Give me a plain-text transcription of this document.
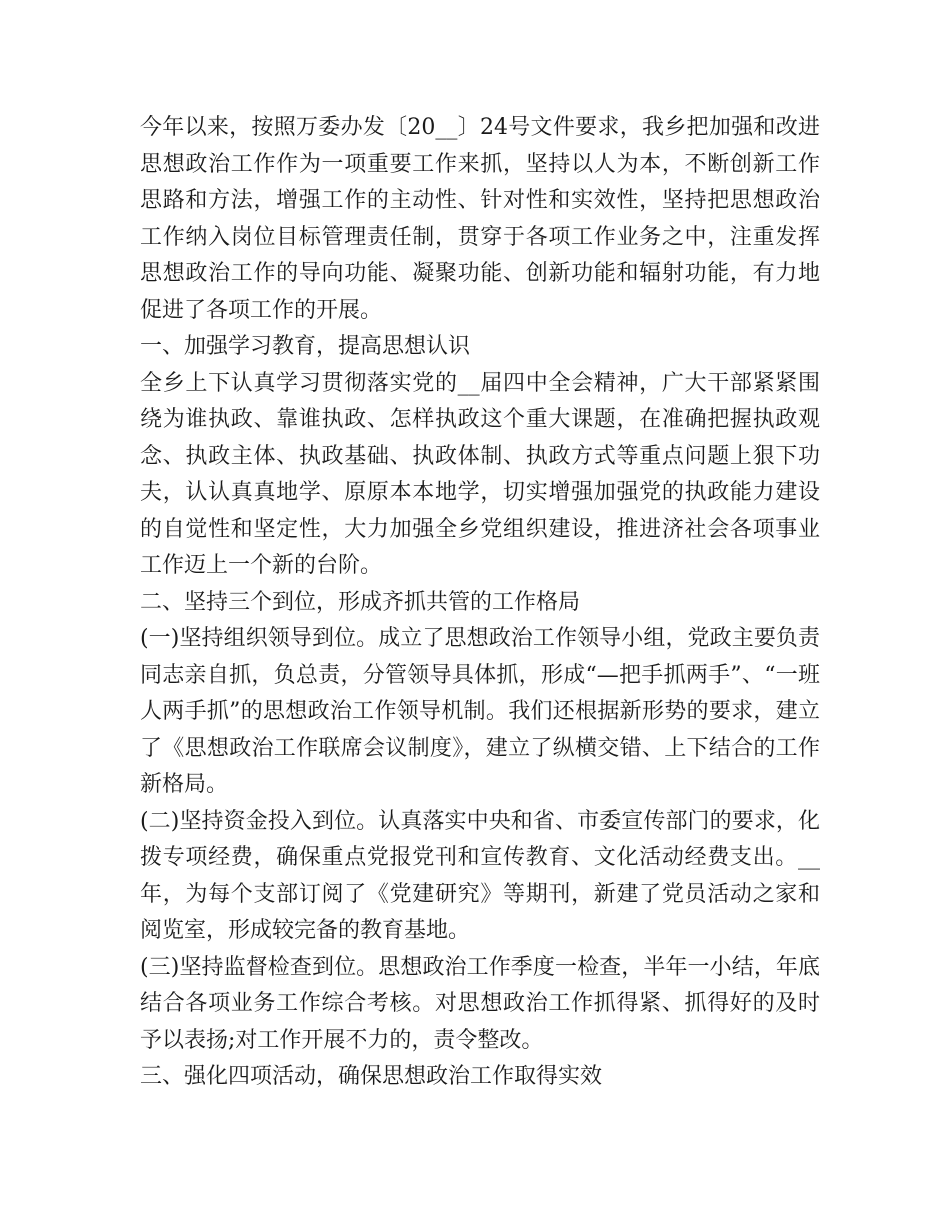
今年以来，按照万委办发〔20__〕24号文件要求，我乡把加强和改进思想政治工作作为一项重要工作来抓，坚持以人为本，不断创新工作思路和方法，增强工作的主动性、针对性和实效性，坚持把思想政治工作纳入岗位目标管理责任制，贯穿于各项工作业务之中，注重发挥思想政治工作的导向功能、凝聚功能、创新功能和辐射功能，有力地促进了各项工作的开展。

一、加强学习教育，提高思想认识

全乡上下认真学习贯彻落实党的__届四中全会精神，广大干部紧紧围绕为谁执政、靠谁执政、怎样执政这个重大课题，在准确把握执政观念、执政主体、执政基础、执政体制、执政方式等重点问题上狠下功夫，认认真真地学、原原本本地学，切实增强加强党的执政能力建设的自觉性和坚定性，大力加强全乡党组织建设，推进济社会各项事业工作迈上一个新的台阶。

二、坚持三个到位，形成齐抓共管的工作格局

(一)坚持组织领导到位。成立了思想政治工作领导小组，党政主要负责同志亲自抓，负总责，分管领导具体抓，形成“—把手抓两手”、“一班人两手抓”的思想政治工作领导机制。我们还根据新形势的要求，建立了《思想政治工作联席会议制度》，建立了纵横交错、上下结合的工作新格局。

(二)坚持资金投入到位。认真落实中央和省、市委宣传部门的要求，化拨专项经费，确保重点党报党刊和宣传教育、文化活动经费支出。__年，为每个支部订阅了《党建研究》等期刊，新建了党员活动之家和阅览室，形成较完备的教育基地。

(三)坚持监督检查到位。思想政治工作季度一检查，半年一小结，年底结合各项业务工作综合考核。对思想政治工作抓得紧、抓得好的及时予以表扬;对工作开展不力的，责令整改。

三、强化四项活动，确保思想政治工作取得实效
